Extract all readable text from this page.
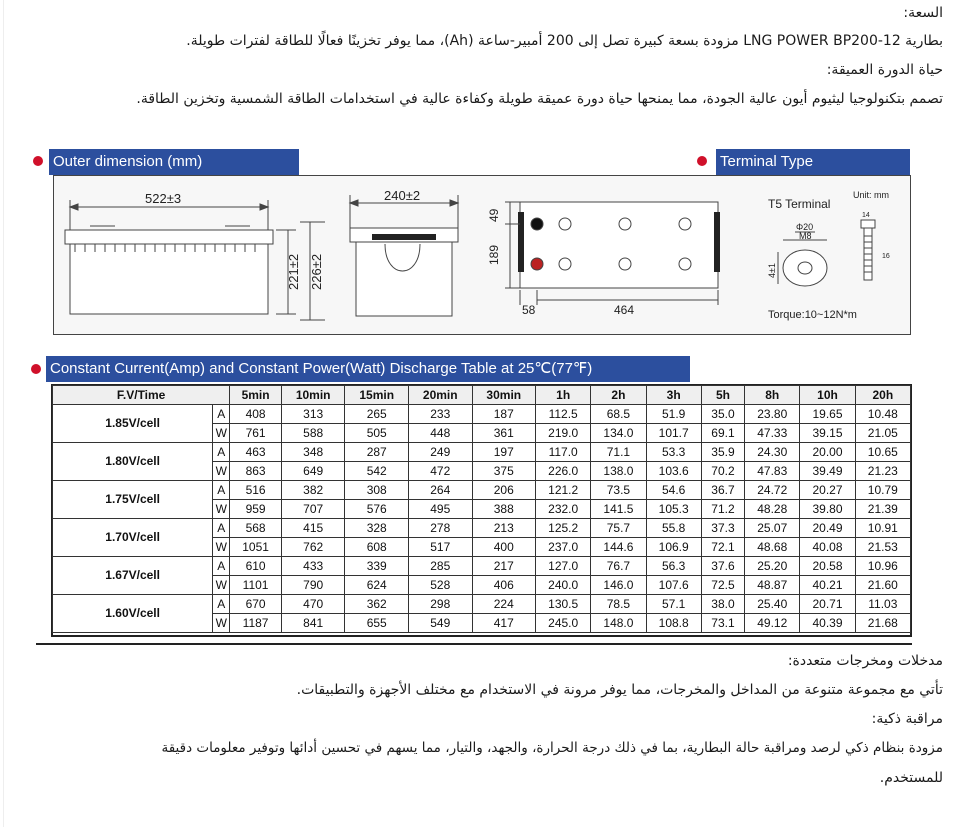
السعة:
بطارية LNG POWER BP200-12 مزودة بسعة كبيرة تصل إلى 200 أمبير-ساعة (Ah)، مما يوفر تخزينًا فعالًا للطاقة لفترات طويلة.
حياة الدورة العميقة:
تصمم بتكنولوجيا ليثيوم أيون عالية الجودة، مما يمنحها حياة دورة عميقة طويلة وكفاءة عالية في استخدامات الطاقة الشمسية وتخزين الطاقة.
Outer dimension (mm)	Terminal Type
522±3
221±2 226±2
240±2
49
189
58	464
T5 Terminal
Unit: mm
Φ20
M8
4±1
14
16
Torque:10~12N*m
Constant Current(Amp) and Constant Power(Watt) Discharge Table at 25℃(77℉)
F.V/Time		5min	10min	15min	20min	30min	1h	2h	3h	5h	8h	10h	20h
1.85V/cell	A	408	313	265	233	187	112.5	68.5	51.9	35.0	23.80	19.65	10.48
	W	761	588	505	448	361	219.0	134.0	101.7	69.1	47.33	39.15	21.05
1.80V/cell	A	463	348	287	249	197	117.0	71.1	53.3	35.9	24.30	20.00	10.65
	W	863	649	542	472	375	226.0	138.0	103.6	70.2	47.83	39.49	21.23
1.75V/cell	A	516	382	308	264	206	121.2	73.5	54.6	36.7	24.72	20.27	10.79
	W	959	707	576	495	388	232.0	141.5	105.3	71.2	48.28	39.80	21.39
1.70V/cell	A	568	415	328	278	213	125.2	75.7	55.8	37.3	25.07	20.49	10.91
	W	1051	762	608	517	400	237.0	144.6	106.9	72.1	48.68	40.08	21.53
1.67V/cell	A	610	433	339	285	217	127.0	76.7	56.3	37.6	25.20	20.58	10.96
	W	1101	790	624	528	406	240.0	146.0	107.6	72.5	48.87	40.21	21.60
1.60V/cell	A	670	470	362	298	224	130.5	78.5	57.1	38.0	25.40	20.71	11.03
	W	1187	841	655	549	417	245.0	148.0	108.8	73.1	49.12	40.39	21.68
مدخلات ومخرجات متعددة:
تأتي مع مجموعة متنوعة من المداخل والمخرجات، مما يوفر مرونة في الاستخدام مع مختلف الأجهزة والتطبيقات.
مراقبة ذكية:
مزودة بنظام ذكي لرصد ومراقبة حالة البطارية، بما في ذلك درجة الحرارة، والجهد، والتيار، مما يسهم في تحسين أدائها وتوفير معلومات دقيقة
للمستخدم.
